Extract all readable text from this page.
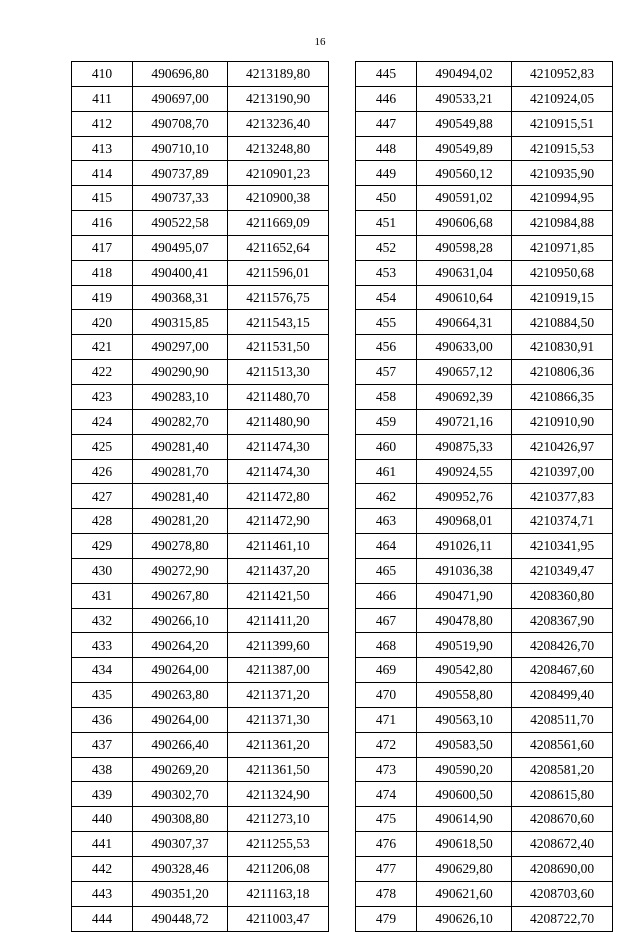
16
410	490696,80	4213189,80
411	490697,00	4213190,90
412	490708,70	4213236,40
413	490710,10	4213248,80
414	490737,89	4210901,23
415	490737,33	4210900,38
416	490522,58	4211669,09
417	490495,07	4211652,64
418	490400,41	4211596,01
419	490368,31	4211576,75
420	490315,85	4211543,15
421	490297,00	4211531,50
422	490290,90	4211513,30
423	490283,10	4211480,70
424	490282,70	4211480,90
425	490281,40	4211474,30
426	490281,70	4211474,30
427	490281,40	4211472,80
428	490281,20	4211472,90
429	490278,80	4211461,10
430	490272,90	4211437,20
431	490267,80	4211421,50
432	490266,10	4211411,20
433	490264,20	4211399,60
434	490264,00	4211387,00
435	490263,80	4211371,20
436	490264,00	4211371,30
437	490266,40	4211361,20
438	490269,20	4211361,50
439	490302,70	4211324,90
440	490308,80	4211273,10
441	490307,37	4211255,53
442	490328,46	4211206,08
443	490351,20	4211163,18
444	490448,72	4211003,47
445	490494,02	4210952,83
446	490533,21	4210924,05
447	490549,88	4210915,51
448	490549,89	4210915,53
449	490560,12	4210935,90
450	490591,02	4210994,95
451	490606,68	4210984,88
452	490598,28	4210971,85
453	490631,04	4210950,68
454	490610,64	4210919,15
455	490664,31	4210884,50
456	490633,00	4210830,91
457	490657,12	4210806,36
458	490692,39	4210866,35
459	490721,16	4210910,90
460	490875,33	4210426,97
461	490924,55	4210397,00
462	490952,76	4210377,83
463	490968,01	4210374,71
464	491026,11	4210341,95
465	491036,38	4210349,47
466	490471,90	4208360,80
467	490478,80	4208367,90
468	490519,90	4208426,70
469	490542,80	4208467,60
470	490558,80	4208499,40
471	490563,10	4208511,70
472	490583,50	4208561,60
473	490590,20	4208581,20
474	490600,50	4208615,80
475	490614,90	4208670,60
476	490618,50	4208672,40
477	490629,80	4208690,00
478	490621,60	4208703,60
479	490626,10	4208722,70
